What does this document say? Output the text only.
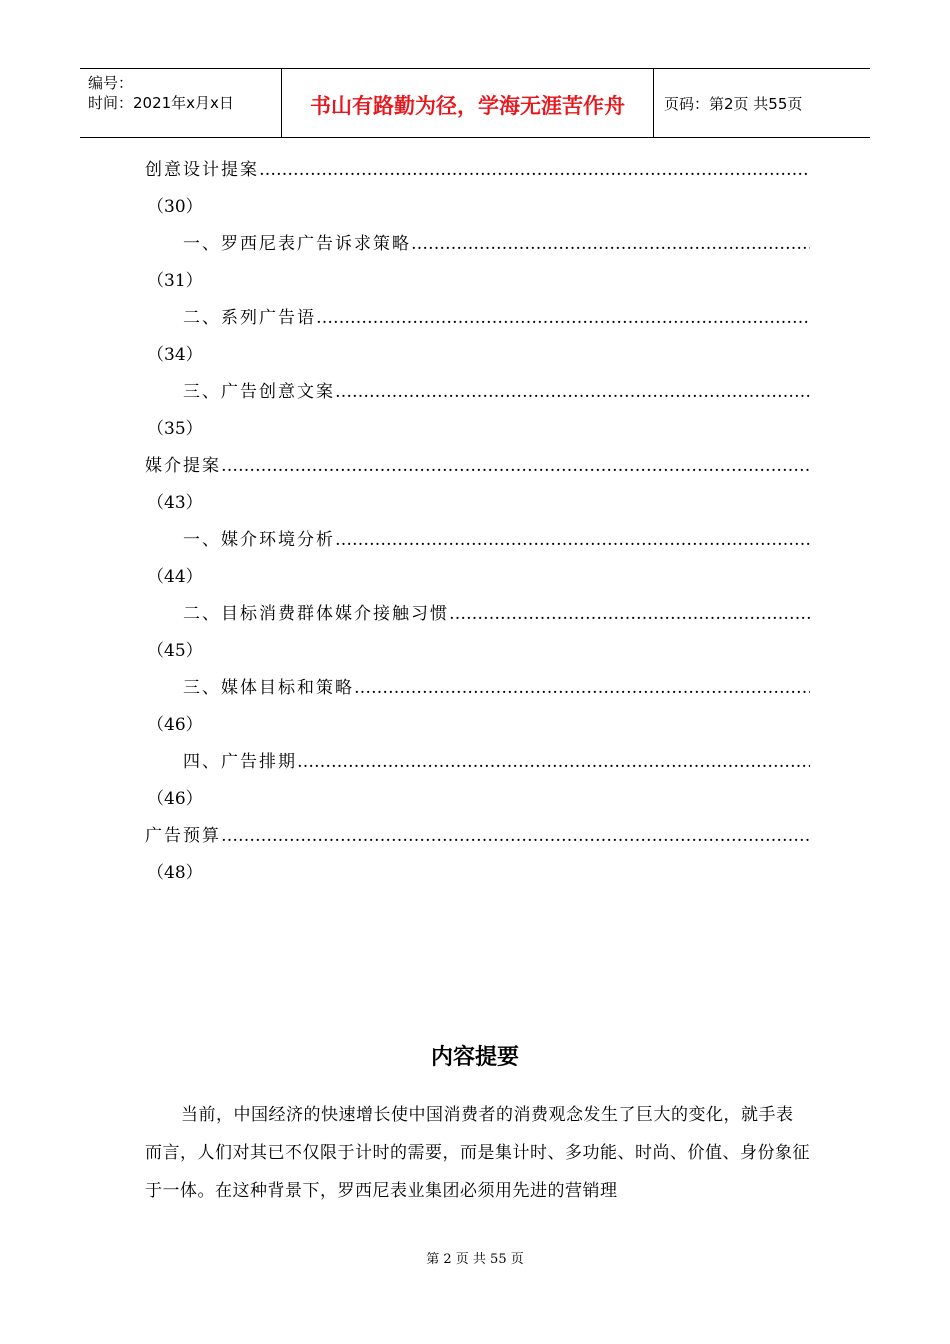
编号：
时间：2021年x月x日	书山有路勤为径，学海无涯苦作舟	页码：第2页 共55页
创意设计提案
…………………………………………………………………………………………………………………………………………………
（30）
一、罗西尼表广告诉求策略
…………………………………………………………………………………………………………………………………………………
（31）
二、系列广告语
…………………………………………………………………………………………………………………………………………………
（34）
三、广告创意文案
…………………………………………………………………………………………………………………………………………………
（35）
媒介提案
…………………………………………………………………………………………………………………………………………………
（43）
一、媒介环境分析
…………………………………………………………………………………………………………………………………………………
（44）
二、目标消费群体媒介接触习惯
…………………………………………………………………………………………………………………………………………………
（45）
三、媒体目标和策略
…………………………………………………………………………………………………………………………………………………
（46）
四、广告排期
…………………………………………………………………………………………………………………………………………………
（46）
广告预算
…………………………………………………………………………………………………………………………………………………
（48）
内容提要
当前，中国经济的快速增长使中国消费者的消费观念发生了巨大的变化，就手表而言，人们对其已不仅限于计时的需要，而是集计时、多功能、时尚、价值、身份象征于一体。在这种背景下，罗西尼表业集团必须用先进的营销理
第 2 页 共 55 页
